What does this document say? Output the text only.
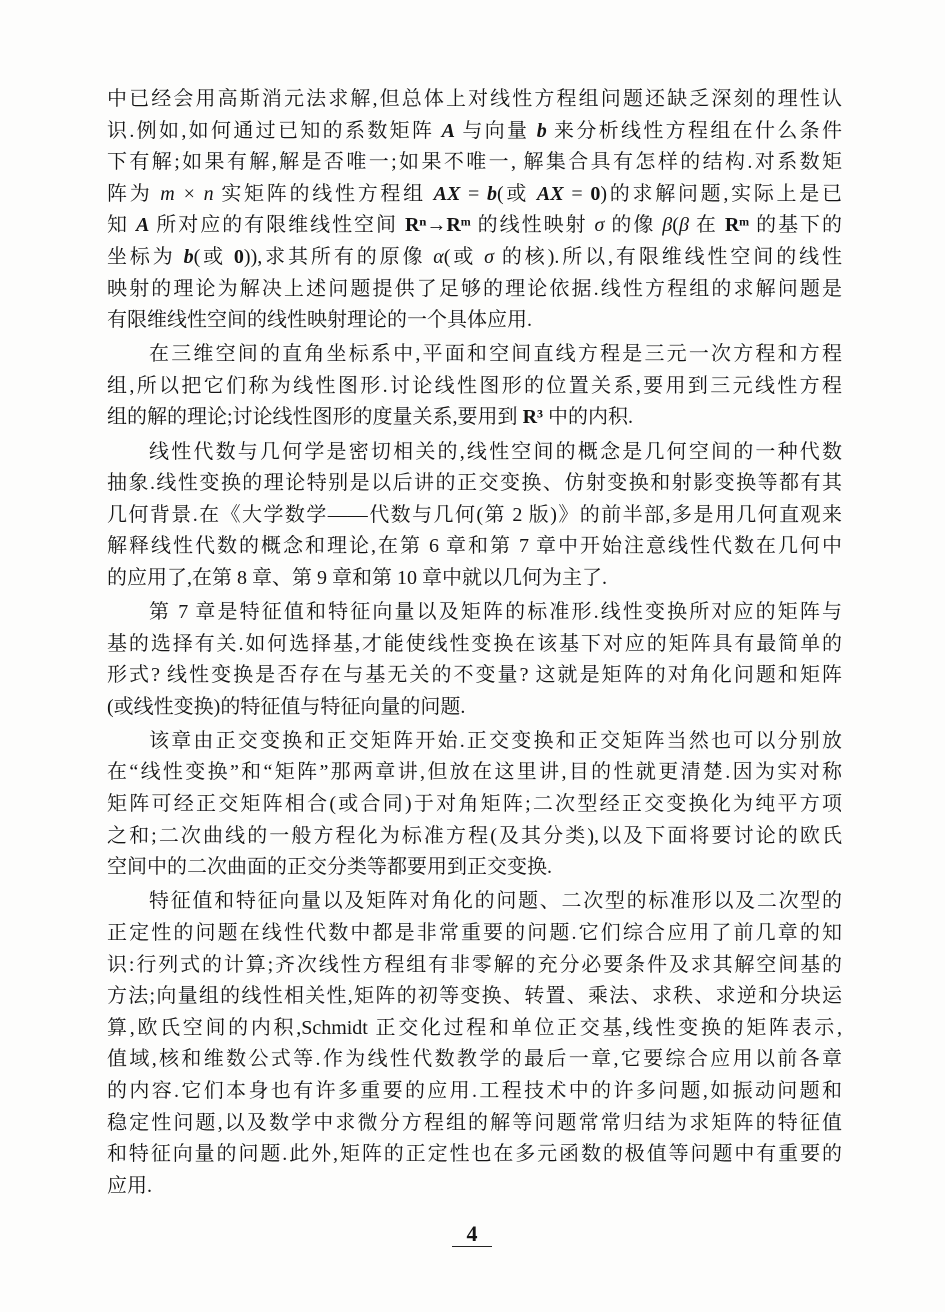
中已经会用高斯消元法求解,但总体上对线性方程组问题还缺乏深刻的理性认
识.例如,如何通过已知的系数矩阵 A 与向量 b 来分析线性方程组在什么条件
下有解;如果有解,解是否唯一;如果不唯一, 解集合具有怎样的结构.对系数矩
阵为 m × n 实矩阵的线性方程组 AX = b(或 AX = 0)的求解问题,实际上是已
知 A 所对应的有限维线性空间 Rⁿ→Rᵐ 的线性映射 σ 的像 β(β 在 Rᵐ 的基下的
坐标为 b(或 0)),求其所有的原像 α(或 σ 的核).所以,有限维线性空间的线性
映射的理论为解决上述问题提供了足够的理论依据.线性方程组的求解问题是
有限维线性空间的线性映射理论的一个具体应用.
在三维空间的直角坐标系中,平面和空间直线方程是三元一次方程和方程
组,所以把它们称为线性图形.讨论线性图形的位置关系,要用到三元线性方程
组的解的理论;讨论线性图形的度量关系,要用到 R³ 中的内积.
线性代数与几何学是密切相关的,线性空间的概念是几何空间的一种代数
抽象.线性变换的理论特别是以后讲的正交变换、仿射变换和射影变换等都有其
几何背景.在《大学数学——代数与几何(第 2 版)》的前半部,多是用几何直观来
解释线性代数的概念和理论,在第 6 章和第 7 章中开始注意线性代数在几何中
的应用了,在第 8 章、第 9 章和第 10 章中就以几何为主了.
第 7 章是特征值和特征向量以及矩阵的标准形.线性变换所对应的矩阵与
基的选择有关.如何选择基,才能使线性变换在该基下对应的矩阵具有最简单的
形式? 线性变换是否存在与基无关的不变量? 这就是矩阵的对角化问题和矩阵
(或线性变换)的特征值与特征向量的问题.
该章由正交变换和正交矩阵开始.正交变换和正交矩阵当然也可以分别放
在“线性变换”和“矩阵”那两章讲,但放在这里讲,目的性就更清楚.因为实对称
矩阵可经正交矩阵相合(或合同)于对角矩阵;二次型经正交变换化为纯平方项
之和;二次曲线的一般方程化为标准方程(及其分类),以及下面将要讨论的欧氏
空间中的二次曲面的正交分类等都要用到正交变换.
特征值和特征向量以及矩阵对角化的问题、二次型的标准形以及二次型的
正定性的问题在线性代数中都是非常重要的问题.它们综合应用了前几章的知
识:行列式的计算;齐次线性方程组有非零解的充分必要条件及求其解空间基的
方法;向量组的线性相关性,矩阵的初等变换、转置、乘法、求秩、求逆和分块运
算,欧氏空间的内积,Schmidt 正交化过程和单位正交基,线性变换的矩阵表示,
值域,核和维数公式等.作为线性代数教学的最后一章,它要综合应用以前各章
的内容.它们本身也有许多重要的应用.工程技术中的许多问题,如振动问题和
稳定性问题,以及数学中求微分方程组的解等问题常常归结为求矩阵的特征值
和特征向量的问题.此外,矩阵的正定性也在多元函数的极值等问题中有重要的
应用.
4
